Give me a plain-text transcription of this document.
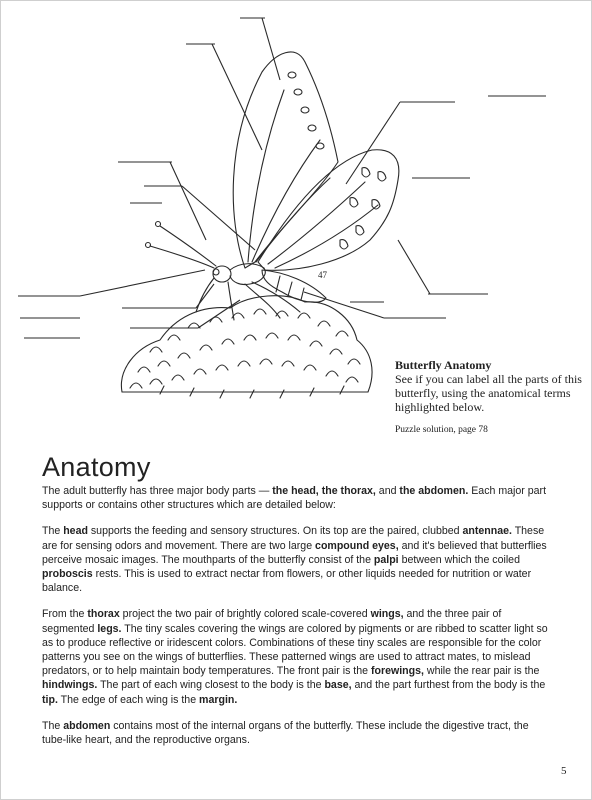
47
Butterfly Anatomy
See if you can label all the parts of this butterfly, using the anatomical terms highlighted below.
Puzzle solution, page 78
Anatomy

The adult butterfly has three major body parts — the head, the thorax, and the abdomen. Each major part supports or contains other structures which are detailed below:

The head supports the feeding and sensory structures. On its top are the paired, clubbed antennae. These are for sensing odors and movement. There are two large compound eyes, and it's believed that butterflies perceive mosaic images. The mouthparts of the butterfly consist of the palpi between which the coiled proboscis rests. This is used to extract nectar from flowers, or other liquids needed for nutrition or water balance.

From the thorax project the two pair of brightly colored scale-covered wings, and the three pair of segmented legs. The tiny scales covering the wings are colored by pigments or are ribbed to scatter light so as to produce reflective or iridescent colors. Combinations of these tiny scales are responsible for the color patterns you see on the wings of butterflies. These patterned wings are used to attract mates, to mislead predators, or to help maintain body temperatures. The front pair is the forewings, while the rear pair is the hindwings. The part of each wing closest to the body is the base, and the part furthest from the body is the tip. The edge of each wing is the margin.

The abdomen contains most of the internal organs of the butterfly. These include the digestive tract, the tube-like heart, and the reproductive organs.

5
